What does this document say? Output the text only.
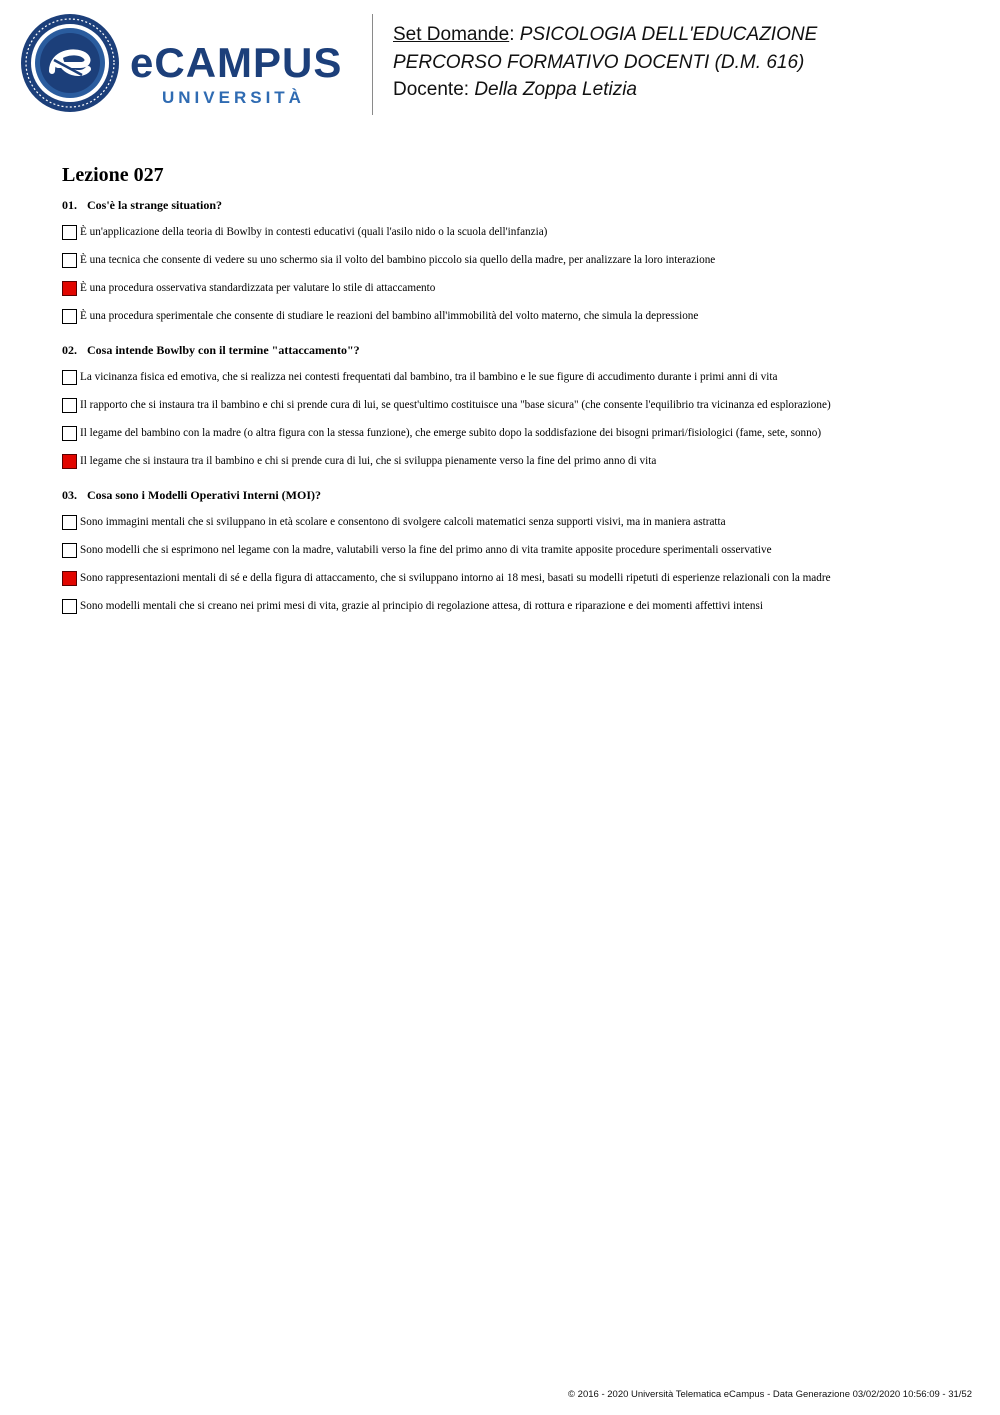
eCAMPUS
UNIVERSITÀ
Set Domande: PSICOLOGIA DELL'EDUCAZIONE
PERCORSO FORMATIVO DOCENTI (D.M. 616)
Docente: Della Zoppa Letizia
Lezione 027

01. Cos'è la strange situation?

È un'applicazione della teoria di Bowlby in contesti educativi (quali l'asilo nido o la scuola dell'infanzia)
È una tecnica che consente di vedere su uno schermo sia il volto del bambino piccolo sia quello della madre, per analizzare la loro interazione
È una procedura osservativa standardizzata per valutare lo stile di attaccamento
È una procedura sperimentale che consente di studiare le reazioni del bambino all'immobilità del volto materno, che simula la depressione

02. Cosa intende Bowlby con il termine "attaccamento"?

La vicinanza fisica ed emotiva, che si realizza nei contesti frequentati dal bambino, tra il bambino e le sue figure di accudimento durante i primi anni di vita
Il rapporto che si instaura tra il bambino e chi si prende cura di lui, se quest'ultimo costituisce una "base sicura" (che consente l'equilibrio tra vicinanza ed esplorazione)
Il legame del bambino con la madre (o altra figura con la stessa funzione), che emerge subito dopo la soddisfazione dei bisogni primari/fisiologici (fame, sete, sonno)
Il legame che si instaura tra il bambino e chi si prende cura di lui, che si sviluppa pienamente verso la fine del primo anno di vita

03. Cosa sono i Modelli Operativi Interni (MOI)?

Sono immagini mentali che si sviluppano in età scolare e consentono di svolgere calcoli matematici senza supporti visivi, ma in maniera astratta
Sono modelli che si esprimono nel legame con la madre, valutabili verso la fine del primo anno di vita tramite apposite procedure sperimentali osservative
Sono rappresentazioni mentali di sé e della figura di attaccamento, che si sviluppano intorno ai 18 mesi, basati su modelli ripetuti di esperienze relazionali con la madre
Sono modelli mentali che si creano nei primi mesi di vita, grazie al principio di regolazione attesa, di rottura e riparazione e dei momenti affettivi intensi
© 2016 - 2020 Università Telematica eCampus - Data Generazione 03/02/2020 10:56:09 - 31/52
